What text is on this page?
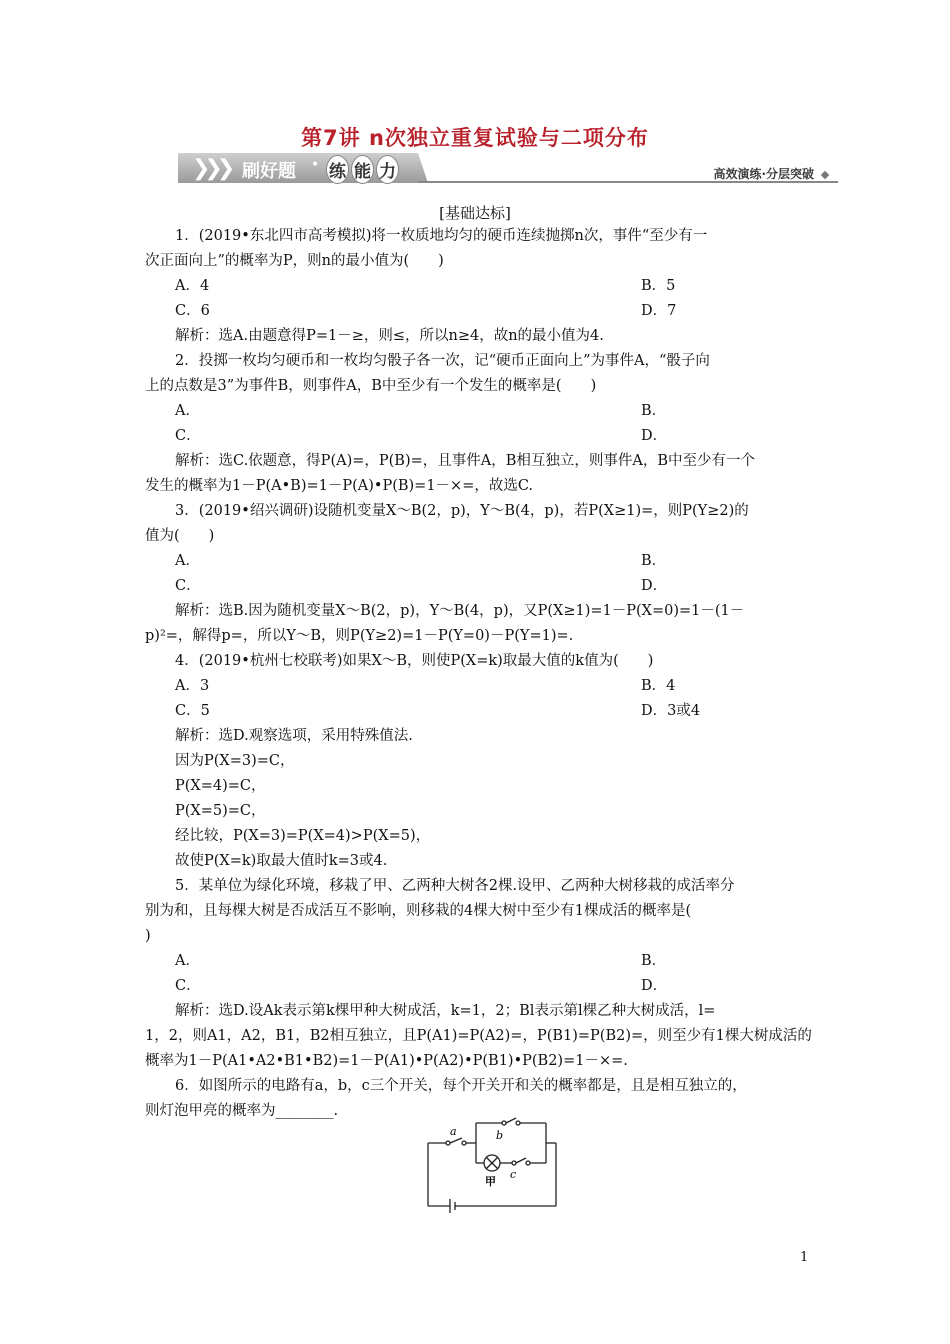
第7讲 n次独立重复试验与二项分布
❯❯❯ 刷好题 • 练 能 力	高效演练·分层突破
[基础达标]
1．(2019•东北四市高考模拟)将一枚质地均匀的硬币连续抛掷n次，事件“至少有一
次正面向上”的概率为P，则n的最小值为(　　)
A．4	B．5
C．6	D．7
解析：选A.由题意得P=1－≥，则≤，所以n≥4，故n的最小值为4.
2．投掷一枚均匀硬币和一枚均匀骰子各一次，记“硬币正面向上”为事件A，“骰子向
上的点数是3”为事件B，则事件A，B中至少有一个发生的概率是(　　)
A．	B．
C．	D．
解析：选C.依题意，得P(A)=，P(B)=，且事件A，B相互独立，则事件A，B中至少有一个
发生的概率为1－P(A•B)=1－P(A)•P(B)=1－×=，故选C.
3．(2019•绍兴调研)设随机变量X～B(2，p)，Y～B(4，p)，若P(X≥1)=，则P(Y≥2)的
值为(　　)
A．	B．
C．	D．
解析：选B.因为随机变量X～B(2，p)，Y～B(4，p)，又P(X≥1)=1－P(X=0)=1－(1－
p)²=，解得p=，所以Y～B，则P(Y≥2)=1－P(Y=0)－P(Y=1)=.
4．(2019•杭州七校联考)如果X～B，则使P(X=k)取最大值的k值为(　　)
A．3	B．4
C．5	D．3或4
解析：选D.观察选项，采用特殊值法.
因为P(X=3)=C，
P(X=4)=C，
P(X=5)=C，
经比较，P(X=3)=P(X=4)>P(X=5)，
故使P(X=k)取最大值时k=3或4.
5．某单位为绿化环境，移栽了甲、乙两种大树各2棵.设甲、乙两种大树移栽的成活率分
别为和，且每棵大树是否成活互不影响，则移栽的4棵大树中至少有1棵成活的概率是(
)
A．	B．
C．	D．
解析：选D.设Ak表示第k棵甲种大树成活，k=1，2；Bl表示第l棵乙种大树成活，l=
1，2，则A1，A2，B1，B2相互独立，且P(A1)=P(A2)=，P(B1)=P(B2)=，则至少有1棵大树成活的
概率为1－P(A1•A2•B1•B2)=1－P(A1)•P(A2)•P(B1)•P(B2)=1－×=.
6．如图所示的电路有a，b，c三个开关，每个开关开和关的概率都是，且是相互独立的，
则灯泡甲亮的概率为________.
a	b
c
甲
1
